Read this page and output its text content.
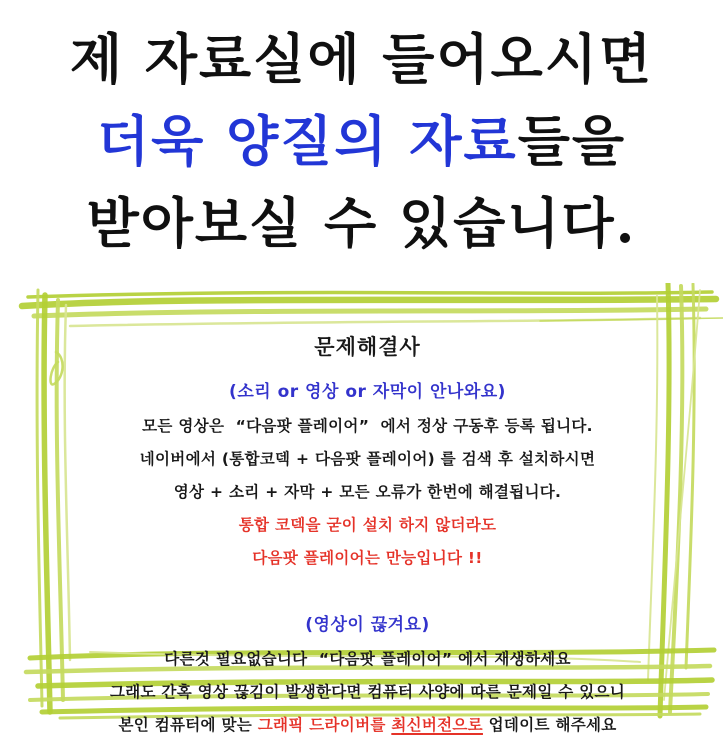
제 자료실에 들어오시면
더욱 양질의 자료들을
받아보실 수 있습니다.
문제해결사
(소리 or 영상 or 자막이 안나와요)

모든 영상은  “다음팟 플레이어”  에서 정상 구동후 등록 됩니다.

네이버에서 (통합코덱 + 다음팟 플레이어) 를 검색 후 설치하시면

영상 + 소리 + 자막 + 모든 오류가 한번에 해결됩니다.

통합 코덱을 굳이 설치 하지 않더라도

다음팟 플레이어는 만능입니다 !!

(영상이 끊겨요)

다른것 필요없습니다  “다음팟 플레이어” 에서 재생하세요

그래도 간혹 영상 끊김이 발생한다면 컴퓨터 사양에 따른 문제일 수 있으니

본인 컴퓨터에 맞는 그래픽 드라이버를 최신버전으로 업데이트 해주세요
